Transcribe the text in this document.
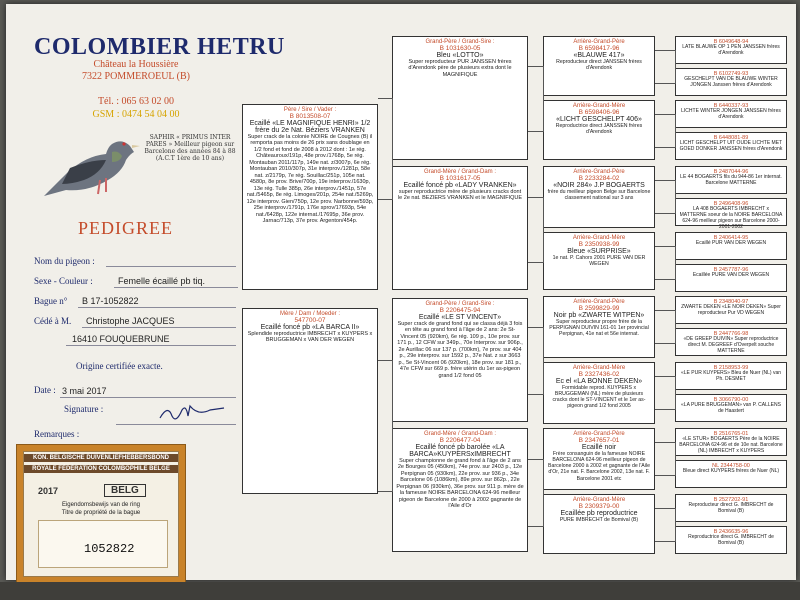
COLOMBIER HETRU
Château la Houssière
7322 POMMEROEUL (B)
Tél. : 065 63 02 00
GSM : 0474 54 04 00
SAPHIR « PRIMUS INTER PARES » Meilleur pigeon sur Barcelone des années 84 à 88 (A.C.T 1ère de 10 ans)
PEDIGREE
Nom du pigeon :
Sexe - Couleur :	Femelle écaillé pb tiq.
Bague n° B 17-1052822
Cédé à M. Christophe JACQUES
16410 FOUQUEBRUNE
Origine certifiée exacte.
Date : 3 mai 2017
Signature :
Remarques :
KON. BELGISCHE DUIVENLIEFHEBBERSBOND
ROYALE FÉDÉRATION COLOMBOPHILE BELGE
2017	BELG
Eigendomsbewijs van de ring
Titre de propriété de la bague
1052822
Père / Sire / Vader :
B 8013508-07
Ecaillé «LE MAGNIFIQUE HENRI» 1/2 frère du 2e Nat. Béziers VRANKEN
Super crack de la colonie NOIRE de Cougnes (B) il remporta pas moins de 26 prix sans doublage en 1/2 fond et fond de 2008 à 2012 dont : 1e rég. Châteauroux/191p, 48e prov./1768p, 5e rég. Montauban 2011/117p, 149e nat. z/3007p, 6e rég. Montauban 2010/307p, 31e interprov./1281p, 58e nat. z/2179p, 7e rég. Souillac/251p, 105e nat. 4580p, 8e prov. Brive/700p, 19e interprov./1630p, 13e rég. Tulle 385p, 26e interprov./1451p, 57e nat./5465p, 8e rég. Limoges/201p, 254e nat./5269p, 12e interprov. Gien/750p, 12e prov. Narbonne/593p, 25e interprov./1791p, 176e sprov/17693p, 54e nat./6428p, 122e internat./17695p, 36e prov. Jarnac/713p, 37e prov. Argenton/454p.
Mère / Dam / Moeder :
547700-07
Ecaillé foncé pb «LA BARCA II»
Splendide reproductrice IMBRECHT x KUYPERS x BRUGGEMAN x VAN DER WEGEN
Grand-Père / Grand-Sire :
B 1031630-05
Bleu «LOTTO»
Super reproducteur PUR JANSSEN frères d'Arendonk père de plusieurs extra dont le MAGNIFIQUE
Grand-Mère / Grand-Dam :
B 1031617-05
Ecaillé foncé pb «LADY VRANKEN»
super reproductrice mère de plusieurs cracks dont le 2e nat. BEZIERS VRANKEN et le MAGNIFIQUE
Grand-Père / Grand-Sire :
B 2206475-94
Ecaillé «LE ST VINCENT»
Super crack de grand fond qui se classa déjà 3 fois en tête au grand fond à l'âge de 2 ans: 2e St-Vincent 05 (920km), 6e rég. 109 p., 10e prov. sur 171 p., 12 CFW sur 349p., 70e Interprov. sur 906p., 2e Aurillac 06 sur 137 p. (700km), 7e prov. sur 404 p., 29e interprov. sur 1592 p., 37e Nat. z sur 3663 p., 5e St-Vincent 06 (920km), 18e prov. sur 181 p., 47e CFW sur 669 p. frère utérin du 1er as-pigeon grand 1/2 fond 05
Grand-Mère / Grand-Dam :
B 2206477-04
Ecaillé foncé pb barolée «LA BARCA»KUYPERSxIMBRECHT
Super championne de grand fond à l'âge de 2 ans 2e Bourges 05 (450km), 74e prov. sur 2403 p., 12e Perpignan 05 (930km), 22e prov. sur 936 p., 34e Barcelone 06 (1086km), 89e prov. sur 862p., 22e Perpignan 06 (930km), 36e prov. sur 911 p. mère de la fameuse NOIRE BARCELONA 624-96 meilleur pigeon de Barcelone de 2000 à 2002 gagnante de l'Aile d'Or
Arrière-Grand-Père
B 6598417-96
«BLAUWE 417»
Reproducteur direct JANSSEN frères d'Arendonk
Arrière-Grand-Mère
B 6598406-96
«LICHT GESCHELPT 406»
Reproductrice direct JANSSEN frères d'Arendonk
Arrière-Grand-Père
B 2233284-02
«NOIR 284» J.P BOGAERTS
frère du meilleur pigeon Belge sur Barcelone classement national sur 3 ans
Arrière-Grand-Mère
B 2350938-99
Bleue «SURPRISE»
1e nat. P. Cahors 2001 PURE VAN DER WEGEN
Arrière-Grand-Père
B 2599829-99
Noir pb «ZWARTE WITPEN»
Super reproducteur propre frère de la PERPIGNAN DUIVIN 161-01 1er provincial Perpignan, 41e nat et 56e internat.
Arrière-Grand-Mère
B 2327436-02
Ec el «LA BONNE DEKEN»
Formidable reprod. KUYPERS x BRUGGEMAN (NL) mère de plusieurs cracks dont le ST-VINCENT et le 1er as-pigeon grand 1/2 fond 2005
Arrière-Grand-Père
B 2347657-01
Ecaillé noir
Frère consanguin de la fameuse NOIRE BARCELONA 624-96 meilleur pigeon de Barcelone 2000 à 2002 et gagnante de l'Aile d'Or, 21e nat. F. Barcelone 2002, 13e nat. F. Barcelone 2001 etc
Arrière-Grand-Mère
B 2309379-00
Ecaillée pb reproductrice
PURE IMBRECHT de Bomival (B)
B 6049648-94
LATE BLAUWE OP 1 PEN JANSSEN frères d'Arendonk
B 6102749-93
GESCHELPT VAN DE BLAUWE WINTER JONGEN Janssen frères d'Arendonk
B 6440337-93
LICHTE WINTER JONGEN JANSSEN frères d'Arendonk
B 6448081-89
LICHT GESCHELPT UIT OUDE LICHTE MET GOED DONKER JANSSEN frères d'Arendonk
B 2487044-96
LE 44 BOGAERTS fils du 944-86 1er internat. Barcelone MATTERNE
B 2496408-96
LA 408 BOGAERTS IMBRECHT x MATTERNE soeur de la NOIRE BARCELONA 624-96 meilleur pigeon sur Barcelone 2000-2001-2002
B 2406414-95
Ecaillé PUR VAN DER WEGEN
B 2457787-96
Ecaillée PURE VAN DER WEGEN
B 2348040-97
ZWARTE DEKEN «LE NOIR DEKEN» Super reproducteur Pur VD WEGEN
B 2447766-98
«DE GREEP DUIVIN» Super reproductrice direct M. DEGREEF d'Overpelt souche MATTERNE
B 2158953-99
«LE PUR KUYPERS» Bleu de Nuer (NL) van Ph. DESMET
B 3066790-00
«LA PURE BRUGGEMAN» van P. CALLENS de Haastert
B 2516765-01
«LE STUR» BOGAERTS Père de la NOIRE BARCELONA 624-96 et de 10e nat. Barcelone (NL) IMBRECHT x KUYPERS
NL 2344758-00
Bleue direct KUYPERS frères de Nuer (NL)
B 2527202-91
Reproducteur direct G. IMBRECHT de Bomival (B)
B 2436635-96
Reproductrice direct G. IMBRECHT de Bomival (B)
